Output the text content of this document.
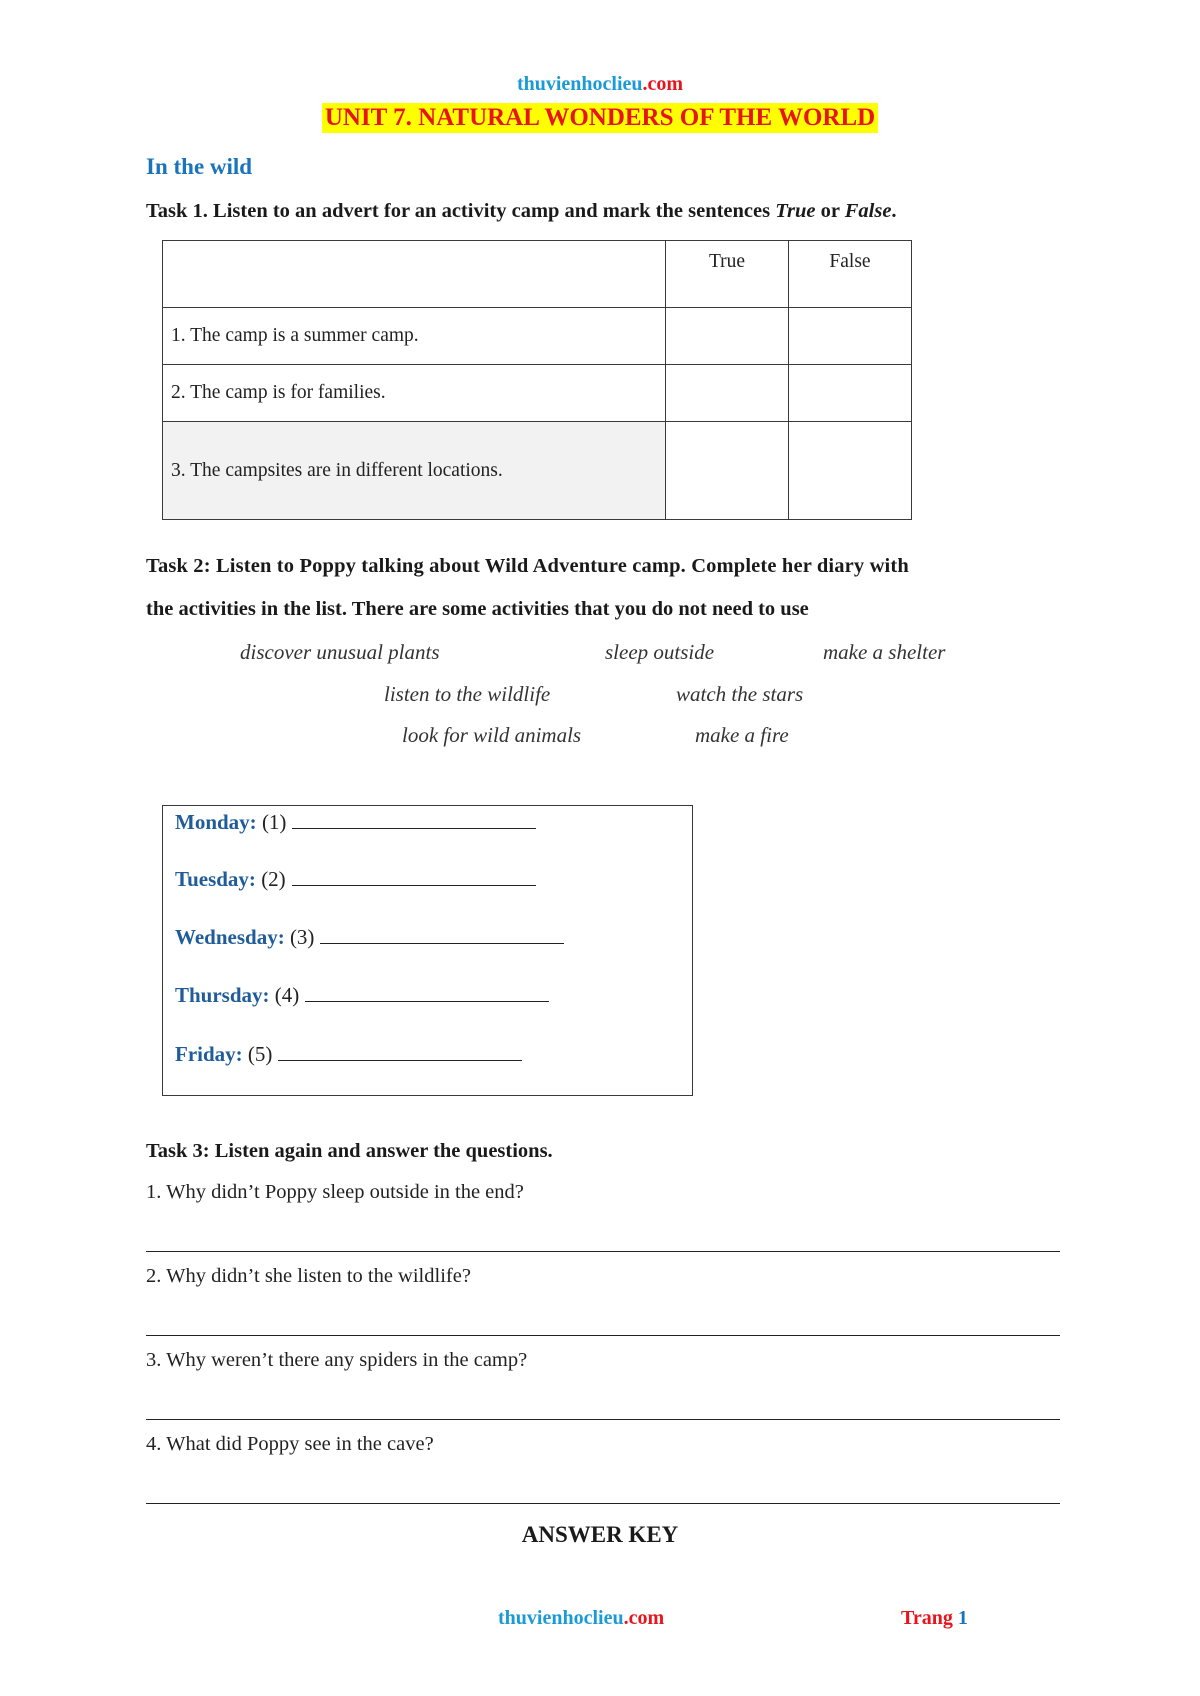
thuvienhoclieu.com
UNIT 7. NATURAL WONDERS OF THE WORLD
In the wild
Task 1. Listen to an advert for an activity camp and mark the sentences True or False.
	True	False
1. The camp is a summer camp.		
2. The camp is for families.		
3. The campsites are in different locations.		
Task 2: Listen to Poppy talking about Wild Adventure camp. Complete her diary with
the activities in the list. There are some activities that you do not need to use
discover unusual plants	sleep outside	make a shelter
listen to the wildlife	watch the stars
look for wild animals	make a fire
Monday: (1)
Tuesday: (2)
Wednesday: (3)
Thursday: (4)
Friday: (5)
Task 3: Listen again and answer the questions.
1. Why didn’t Poppy sleep outside in the end?
2. Why didn’t she listen to the wildlife?
3. Why weren’t there any spiders in the camp?
4. What did Poppy see in the cave?
ANSWER KEY
thuvienhoclieu.com	Trang 1
